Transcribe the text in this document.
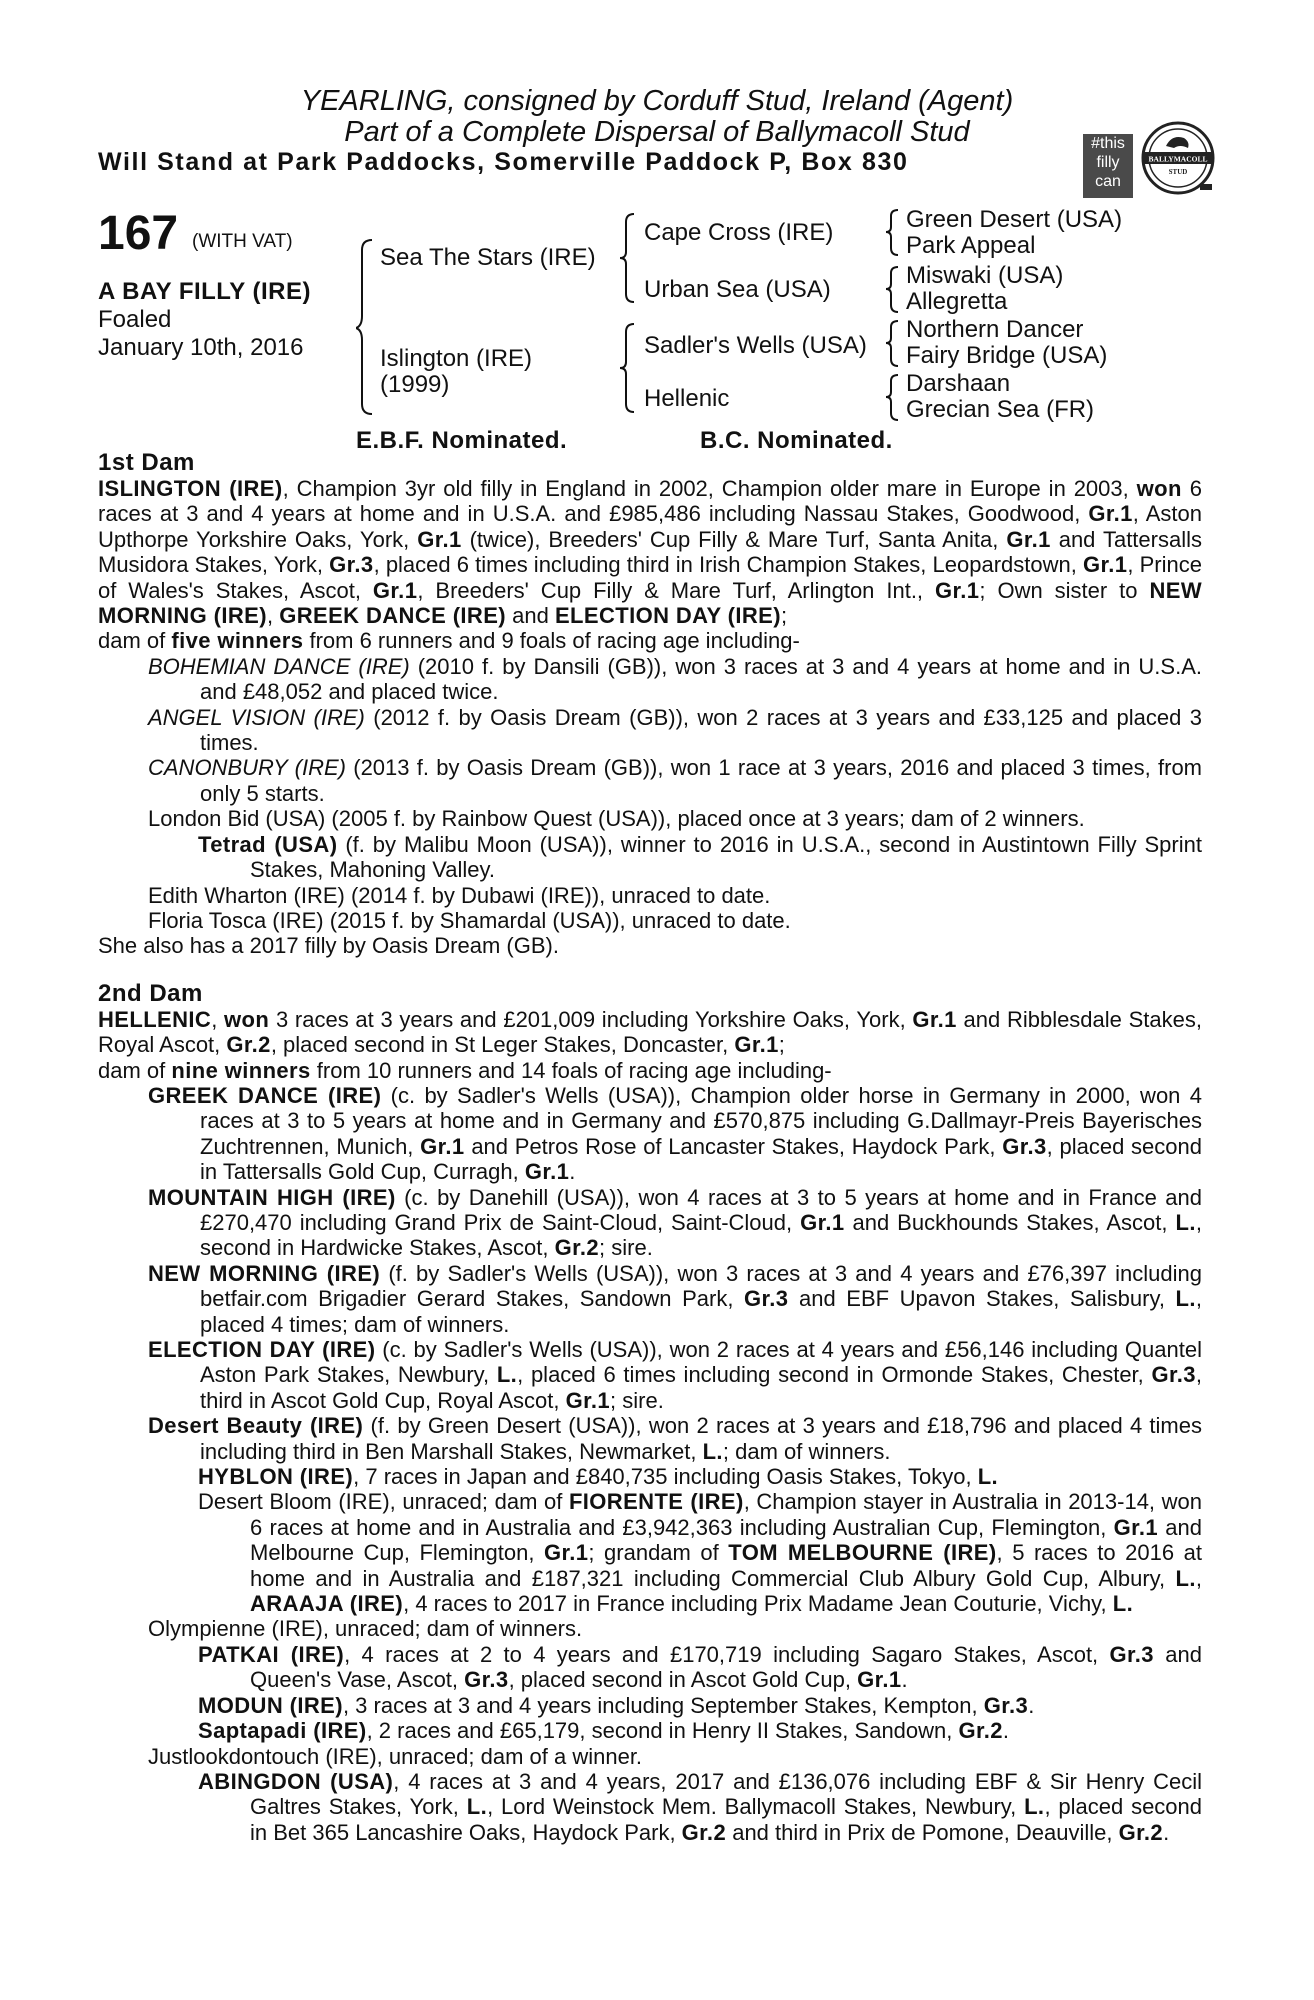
YEARLING, consigned by Corduff Stud, Ireland (Agent)
Part of a Complete Dispersal of Ballymacoll Stud
Will Stand at Park Paddocks, Somerville Paddock P, Box 830
#this
filly
can
BALLYMACOLL
STUD
167 (WITH VAT)
A BAY FILLY (IRE)
Foaled
January 10th, 2016
Sea The Stars (IRE)
Islington (IRE)
(1999)
Cape Cross (IRE)
Urban Sea (USA)
Sadler's Wells (USA)
Hellenic
Green Desert (USA)
Park Appeal
Miswaki (USA)
Allegretta
Northern Dancer
Fairy Bridge (USA)
Darshaan
Grecian Sea (FR)
E.B.F. Nominated.	B.C. Nominated.

1st Dam

ISLINGTON (IRE), Champion 3yr old filly in England in 2002, Champion older mare in Europe in 2003, won 6 races at 3 and 4 years at home and in U.S.A. and £985,486 including Nassau Stakes, Goodwood, Gr.1, Aston Upthorpe Yorkshire Oaks, York, Gr.1 (twice), Breeders' Cup Filly & Mare Turf, Santa Anita, Gr.1 and Tattersalls Musidora Stakes, York, Gr.3, placed 6 times including third in Irish Champion Stakes, Leopardstown, Gr.1, Prince of Wales's Stakes, Ascot, Gr.1, Breeders' Cup Filly & Mare Turf, Arlington Int., Gr.1; Own sister to NEW MORNING (IRE), GREEK DANCE (IRE) and ELECTION DAY (IRE);

dam of five winners from 6 runners and 9 foals of racing age including-

BOHEMIAN DANCE (IRE) (2010 f. by Dansili (GB)), won 3 races at 3 and 4 years at home and in U.S.A. and £48,052 and placed twice.

ANGEL VISION (IRE) (2012 f. by Oasis Dream (GB)), won 2 races at 3 years and £33,125 and placed 3 times.

CANONBURY (IRE) (2013 f. by Oasis Dream (GB)), won 1 race at 3 years, 2016 and placed 3 times, from only 5 starts.

London Bid (USA) (2005 f. by Rainbow Quest (USA)), placed once at 3 years; dam of 2 winners.

Tetrad (USA) (f. by Malibu Moon (USA)), winner to 2016 in U.S.A., second in Austintown Filly Sprint Stakes, Mahoning Valley.

Edith Wharton (IRE) (2014 f. by Dubawi (IRE)), unraced to date.

Floria Tosca (IRE) (2015 f. by Shamardal (USA)), unraced to date.

She also has a 2017 filly by Oasis Dream (GB).

2nd Dam

HELLENIC, won 3 races at 3 years and £201,009 including Yorkshire Oaks, York, Gr.1 and Ribblesdale Stakes, Royal Ascot, Gr.2, placed second in St Leger Stakes, Doncaster, Gr.1;

dam of nine winners from 10 runners and 14 foals of racing age including-

GREEK DANCE (IRE) (c. by Sadler's Wells (USA)), Champion older horse in Germany in 2000, won 4 races at 3 to 5 years at home and in Germany and £570,875 including G.Dallmayr-Preis Bayerisches Zuchtrennen, Munich, Gr.1 and Petros Rose of Lancaster Stakes, Haydock Park, Gr.3, placed second in Tattersalls Gold Cup, Curragh, Gr.1.

MOUNTAIN HIGH (IRE) (c. by Danehill (USA)), won 4 races at 3 to 5 years at home and in France and £270,470 including Grand Prix de Saint-Cloud, Saint-Cloud, Gr.1 and Buckhounds Stakes, Ascot, L., second in Hardwicke Stakes, Ascot, Gr.2; sire.

NEW MORNING (IRE) (f. by Sadler's Wells (USA)), won 3 races at 3 and 4 years and £76,397 including betfair.com Brigadier Gerard Stakes, Sandown Park, Gr.3 and EBF Upavon Stakes, Salisbury, L., placed 4 times; dam of winners.

ELECTION DAY (IRE) (c. by Sadler's Wells (USA)), won 2 races at 4 years and £56,146 including Quantel Aston Park Stakes, Newbury, L., placed 6 times including second in Ormonde Stakes, Chester, Gr.3, third in Ascot Gold Cup, Royal Ascot, Gr.1; sire.

Desert Beauty (IRE) (f. by Green Desert (USA)), won 2 races at 3 years and £18,796 and placed 4 times including third in Ben Marshall Stakes, Newmarket, L.; dam of winners.

HYBLON (IRE), 7 races in Japan and £840,735 including Oasis Stakes, Tokyo, L.

Desert Bloom (IRE), unraced; dam of FIORENTE (IRE), Champion stayer in Australia in 2013-14, won 6 races at home and in Australia and £3,942,363 including Australian Cup, Flemington, Gr.1 and Melbourne Cup, Flemington, Gr.1; grandam of TOM MELBOURNE (IRE), 5 races to 2016 at home and in Australia and £187,321 including Commercial Club Albury Gold Cup, Albury, L., ARAAJA (IRE), 4 races to 2017 in France including Prix Madame Jean Couturie, Vichy, L.

Olympienne (IRE), unraced; dam of winners.

PATKAI (IRE), 4 races at 2 to 4 years and £170,719 including Sagaro Stakes, Ascot, Gr.3 and Queen's Vase, Ascot, Gr.3, placed second in Ascot Gold Cup, Gr.1.

MODUN (IRE), 3 races at 3 and 4 years including September Stakes, Kempton, Gr.3.

Saptapadi (IRE), 2 races and £65,179, second in Henry II Stakes, Sandown, Gr.2.

Justlookdontouch (IRE), unraced; dam of a winner.

ABINGDON (USA), 4 races at 3 and 4 years, 2017 and £136,076 including EBF & Sir Henry Cecil Galtres Stakes, York, L., Lord Weinstock Mem. Ballymacoll Stakes, Newbury, L., placed second in Bet 365 Lancashire Oaks, Haydock Park, Gr.2 and third in Prix de Pomone, Deauville, Gr.2.
